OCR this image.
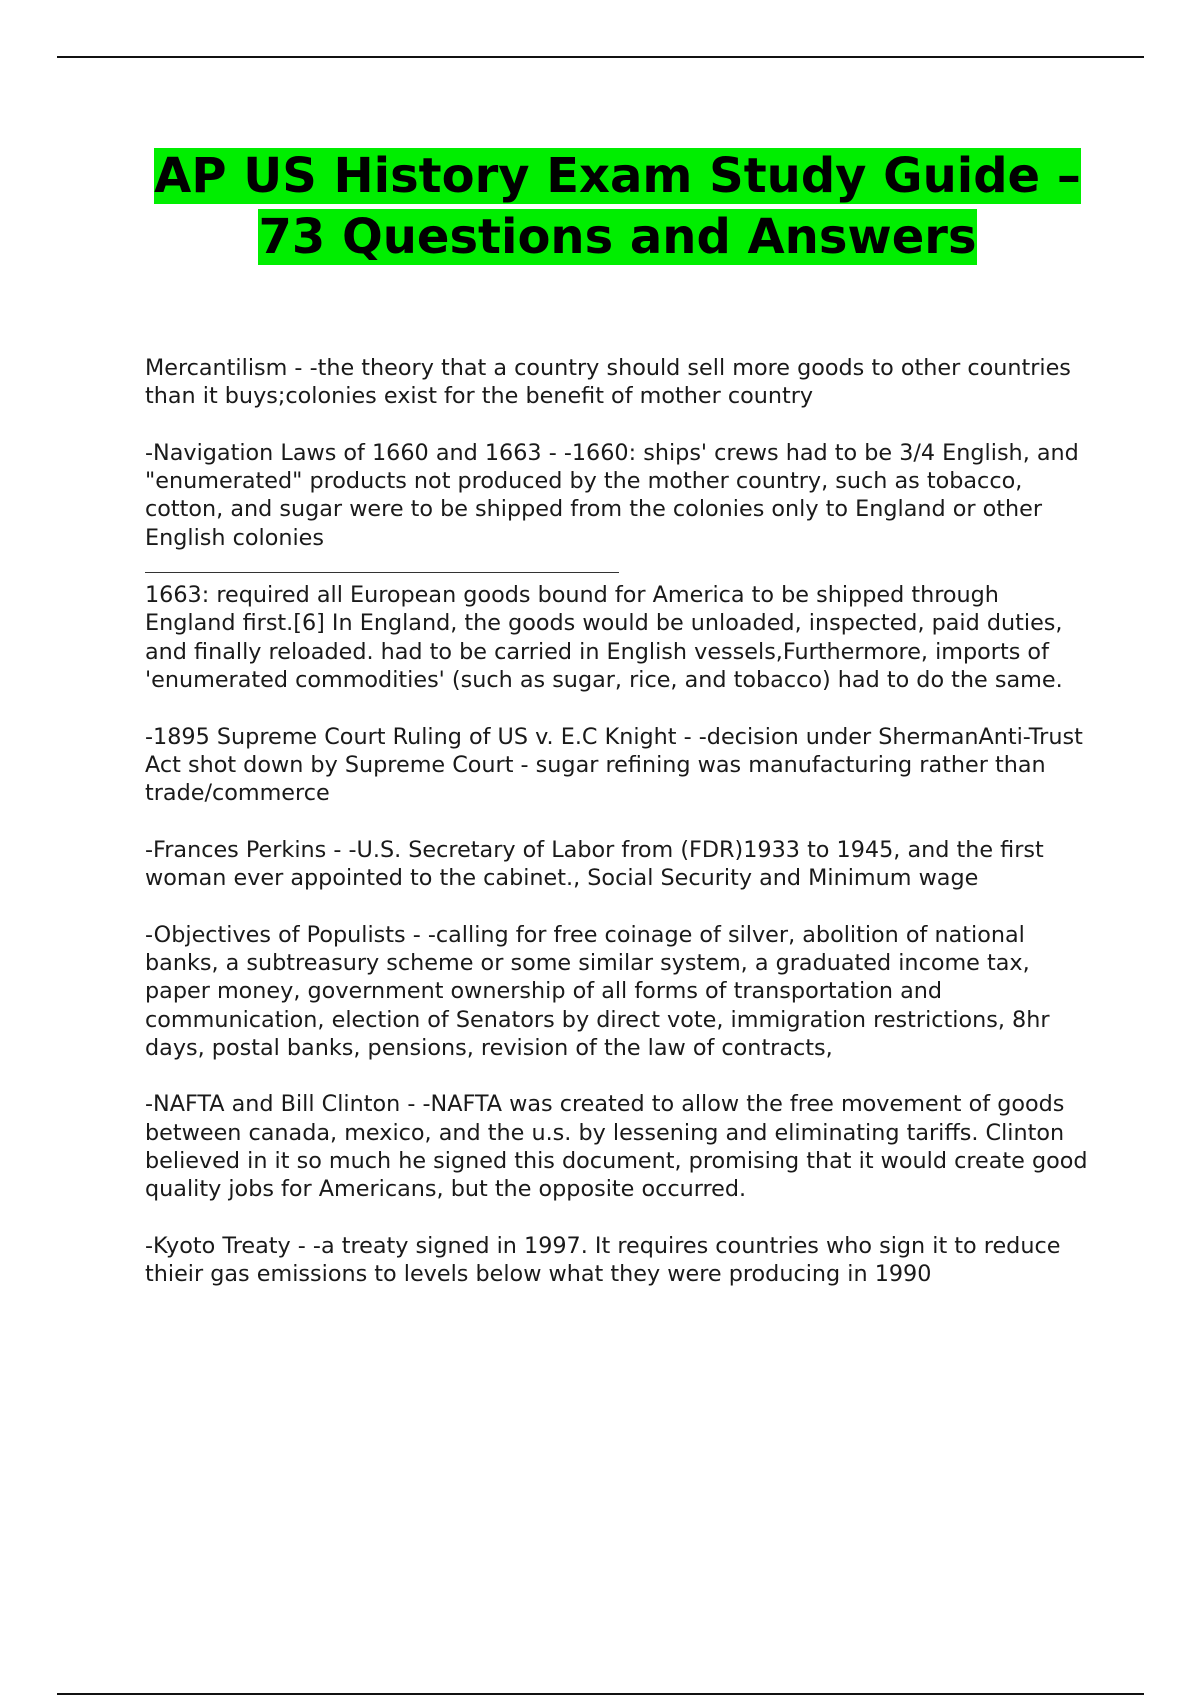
AP US History Exam Study Guide – 73 Questions and Answers
Mercantilism - -the theory that a country should sell more goods to other countries than it buys;colonies exist for the benefit of mother country
-Navigation Laws of 1660 and 1663 - -1660: ships' crews had to be 3/4 English, and "enumerated" products not produced by the mother country, such as tobacco, cotton, and sugar were to be shipped from the colonies only to England or other English colonies
1663: required all European goods bound for America to be shipped through England first.[6] In England, the goods would be unloaded, inspected, paid duties, and finally reloaded. had to be carried in English vessels,Furthermore, imports of 'enumerated commodities' (such as sugar, rice, and tobacco) had to do the same.
-1895 Supreme Court Ruling of US v. E.C Knight - -decision under ShermanAnti-Trust Act shot down by Supreme Court - sugar refining was manufacturing rather than trade/commerce
-Frances Perkins - -U.S. Secretary of Labor from (FDR)1933 to 1945, and the first woman ever appointed to the cabinet., Social Security and Minimum wage
-Objectives of Populists - -calling for free coinage of silver, abolition of national banks, a subtreasury scheme or some similar system, a graduated income tax, paper money, government ownership of all forms of transportation and communication, election of Senators by direct vote, immigration restrictions, 8hr days, postal banks, pensions, revision of the law of contracts,
-NAFTA and Bill Clinton - -NAFTA was created to allow the free movement of goods between canada, mexico, and the u.s. by lessening and eliminating tariffs. Clinton believed in it so much he signed this document, promising that it would create good quality jobs for Americans, but the opposite occurred.
-Kyoto Treaty - -a treaty signed in 1997. It requires countries who sign it to reduce thieir gas emissions to levels below what they were producing in 1990
